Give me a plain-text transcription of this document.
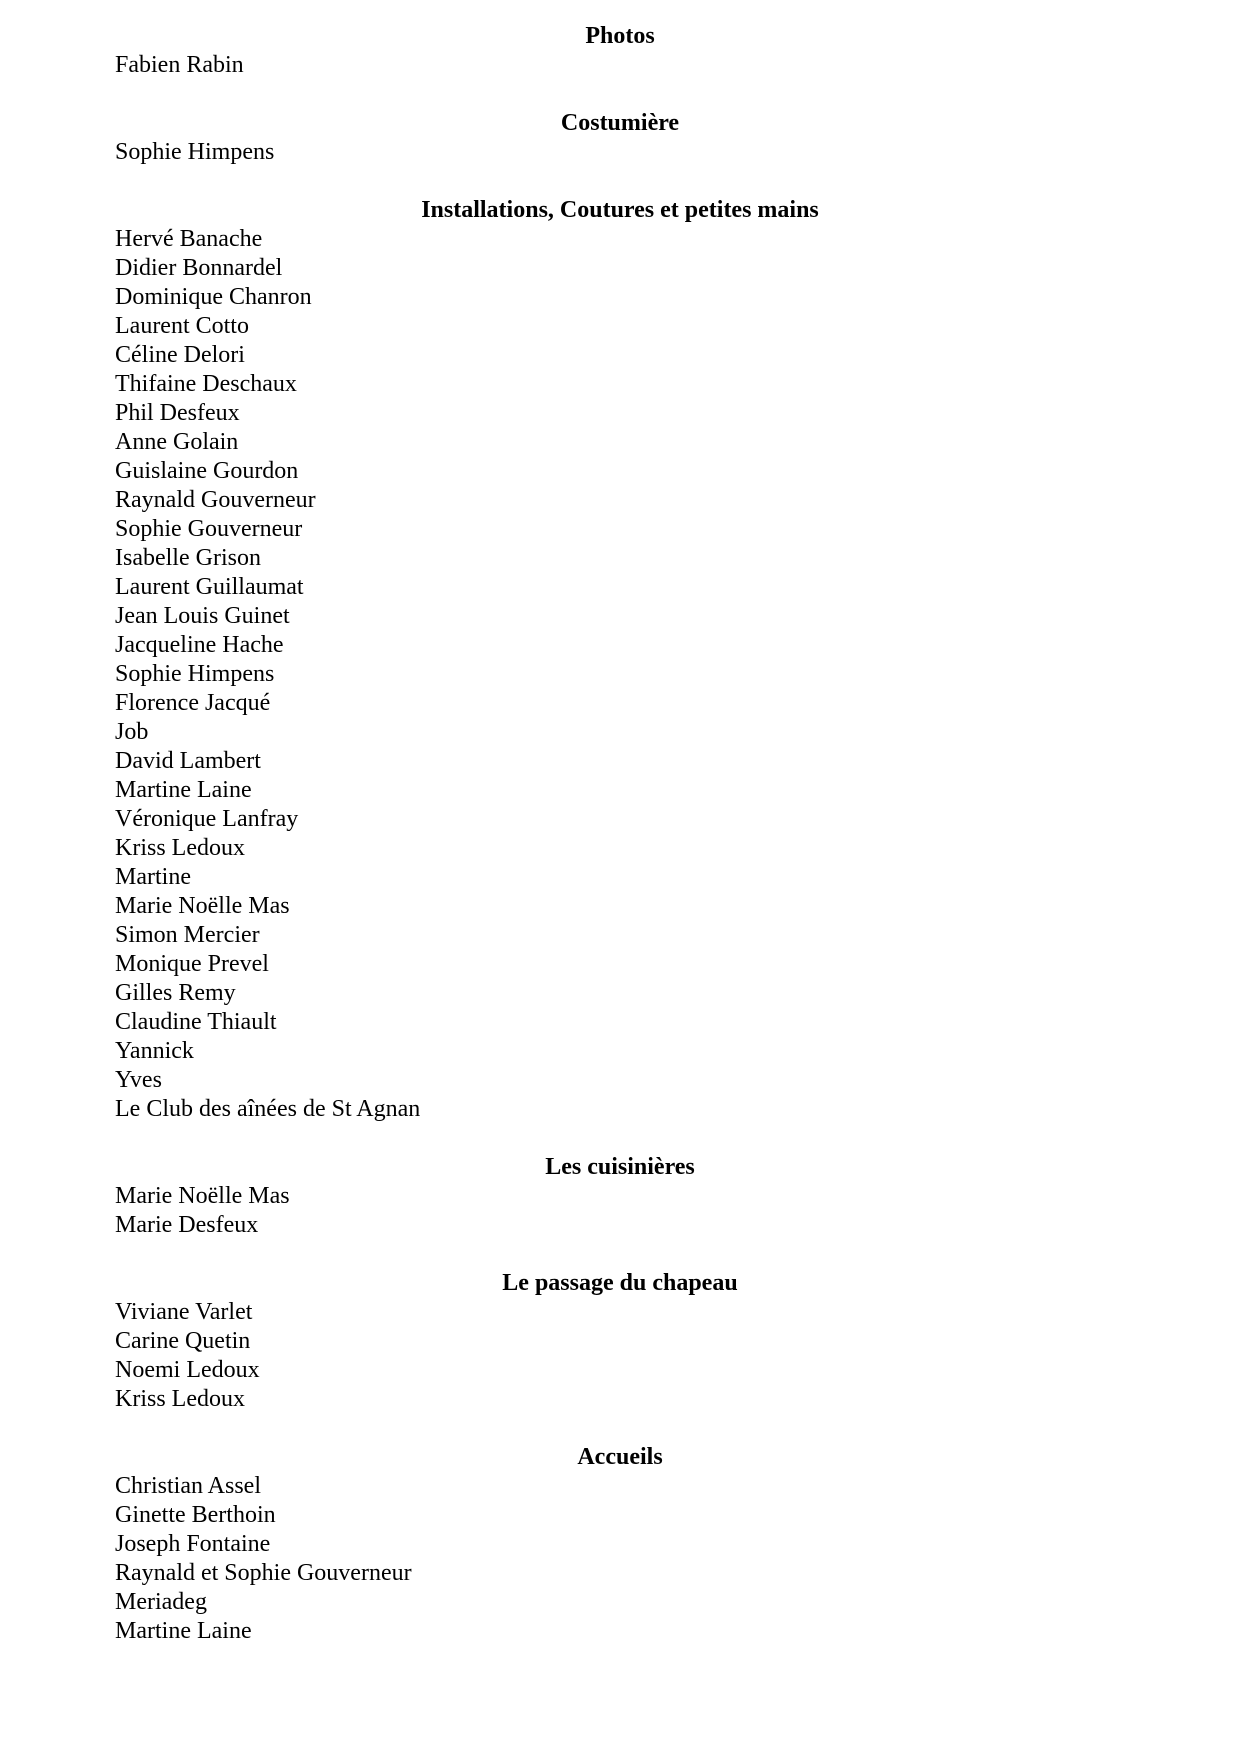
Photos
Fabien Rabin
Costumière
Sophie Himpens
Installations, Coutures et petites mains
Hervé Banache
Didier Bonnardel
Dominique Chanron
Laurent Cotto
Céline Delori
Thifaine Deschaux
Phil Desfeux
Anne Golain
Guislaine Gourdon
Raynald Gouverneur
Sophie Gouverneur
Isabelle Grison
Laurent Guillaumat
Jean Louis Guinet
Jacqueline Hache
Sophie Himpens
Florence Jacqué
Job
David Lambert
Martine Laine
Véronique Lanfray
Kriss Ledoux
Martine
Marie Noëlle Mas
Simon Mercier
Monique Prevel
Gilles Remy
Claudine Thiault
Yannick
Yves
Le Club des aînées de St Agnan
Les cuisinières
Marie Noëlle Mas
Marie Desfeux
Le passage du chapeau
Viviane Varlet
Carine Quetin
Noemi Ledoux
Kriss Ledoux
Accueils
Christian Assel
Ginette Berthoin
Joseph Fontaine
Raynald et Sophie Gouverneur
Meriadeg
Martine Laine
